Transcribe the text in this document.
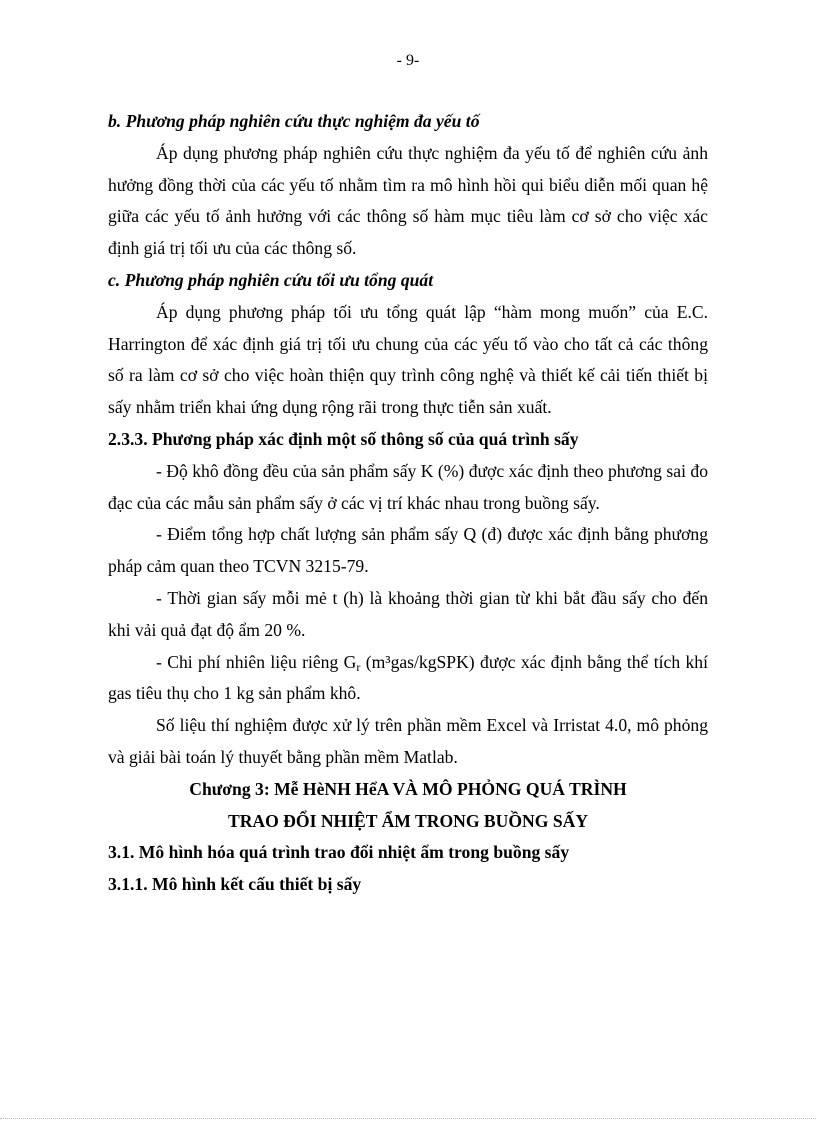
- 9-

b. Phương pháp nghiên cứu thực nghiệm đa yếu tố

Áp dụng phương pháp nghiên cứu thực nghiệm đa yếu tố để nghiên cứu ảnh hưởng đồng thời của các yếu tố nhằm tìm ra mô hình hồi qui biểu diễn mối quan hệ giữa các yếu tố ảnh hưởng với các thông số hàm mục tiêu làm cơ sở cho việc xác định giá trị tối ưu của các thông số.

c. Phương pháp nghiên cứu tối ưu tổng quát

Áp dụng phương pháp tối ưu tổng quát lập “hàm mong muốn” của E.C. Harrington để xác định giá trị tối ưu chung của các yếu tố vào cho tất cả các thông số ra làm cơ sở cho việc hoàn thiện quy trình công nghệ và thiết kế cải tiến thiết bị sấy nhằm triển khai ứng dụng rộng rãi trong thực tiễn sản xuất.

2.3.3. Phương pháp xác định một số thông số của quá trình sấy

- Độ khô đồng đều của sản phẩm sấy K (%) được xác định theo phương sai đo đạc của các mẫu sản phẩm sấy ở các vị trí khác nhau trong buồng sấy.

- Điểm tổng hợp chất lượng sản phẩm sấy Q (đ) được xác định bằng phương pháp cảm quan theo TCVN 3215-79.

- Thời gian sấy mỗi mẻ t (h) là khoảng thời gian từ khi bắt đầu sấy cho đến khi vải quả đạt độ ẩm 20 %.

- Chi phí nhiên liệu riêng $G_r$ (m³gas/kgSPK) được xác định bằng thể tích khí gas tiêu thụ cho 1 kg sản phẩm khô.

Số liệu thí nghiệm được xử lý trên phần mềm Excel và Irristat 4.0, mô phỏng và giải bài toán lý thuyết bằng phần mềm Matlab.

Chương 3: Mễ HèNH HểA VÀ MÔ PHỎNG QUÁ TRÌNH

TRAO ĐỔI NHIỆT ẨM TRONG BUỒNG SẤY

3.1. Mô hình hóa quá trình trao đổi nhiệt ẩm trong buồng sấy

3.1.1. Mô hình kết cấu thiết bị sấy
